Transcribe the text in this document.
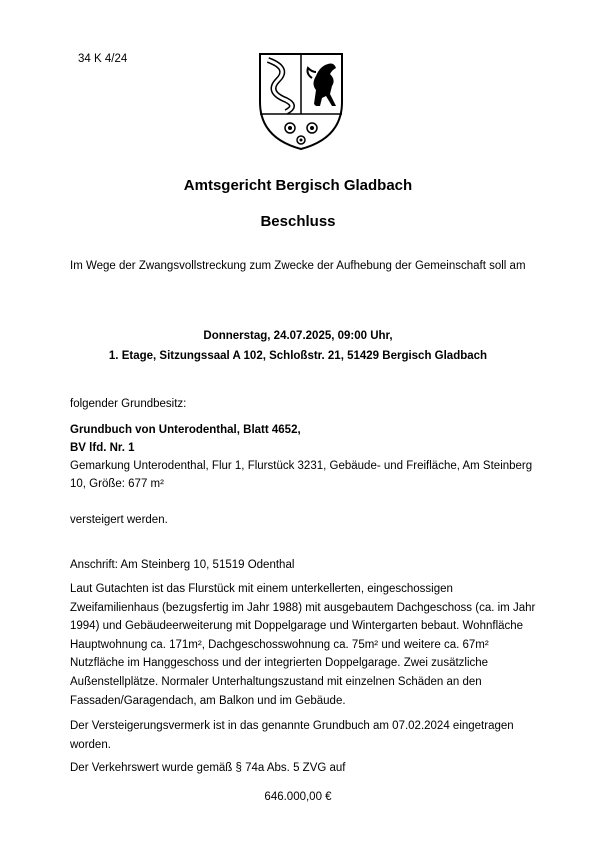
34 K 4/24
Amtsgericht Bergisch Gladbach
Beschluss
Im Wege der Zwangsvollstreckung zum Zwecke der Aufhebung der Gemeinschaft soll am
Donnerstag, 24.07.2025, 09:00 Uhr,
1. Etage, Sitzungssaal A 102, Schloßstr. 21, 51429 Bergisch Gladbach
folgender Grundbesitz:
Grundbuch von Unterodenthal, Blatt 4652,
BV lfd. Nr. 1
Gemarkung Unterodenthal, Flur 1, Flurstück 3231, Gebäude- und Freifläche, Am Steinberg 10, Größe: 677 m²
versteigert werden.
Anschrift: Am Steinberg 10, 51519 Odenthal
Laut Gutachten ist das Flurstück mit einem unterkellerten, eingeschossigen Zweifamilienhaus (bezugsfertig im Jahr 1988) mit ausgebautem Dachgeschoss (ca. im Jahr 1994) und Gebäudeerweiterung mit Doppelgarage und Wintergarten bebaut. Wohnfläche Hauptwohnung ca. 171m², Dachgeschosswohnung ca. 75m² und weitere ca. 67m² Nutzfläche im Hanggeschoss und der integrierten Doppelgarage. Zwei zusätzliche Außenstellplätze. Normaler Unterhaltungszustand mit einzelnen Schäden an den Fassaden/Garagendach, am Balkon und im Gebäude.
Der Versteigerungsvermerk ist in das genannte Grundbuch am 07.02.2024 eingetragen worden.
Der Verkehrswert wurde gemäß § 74a Abs. 5 ZVG auf
646.000,00 €
